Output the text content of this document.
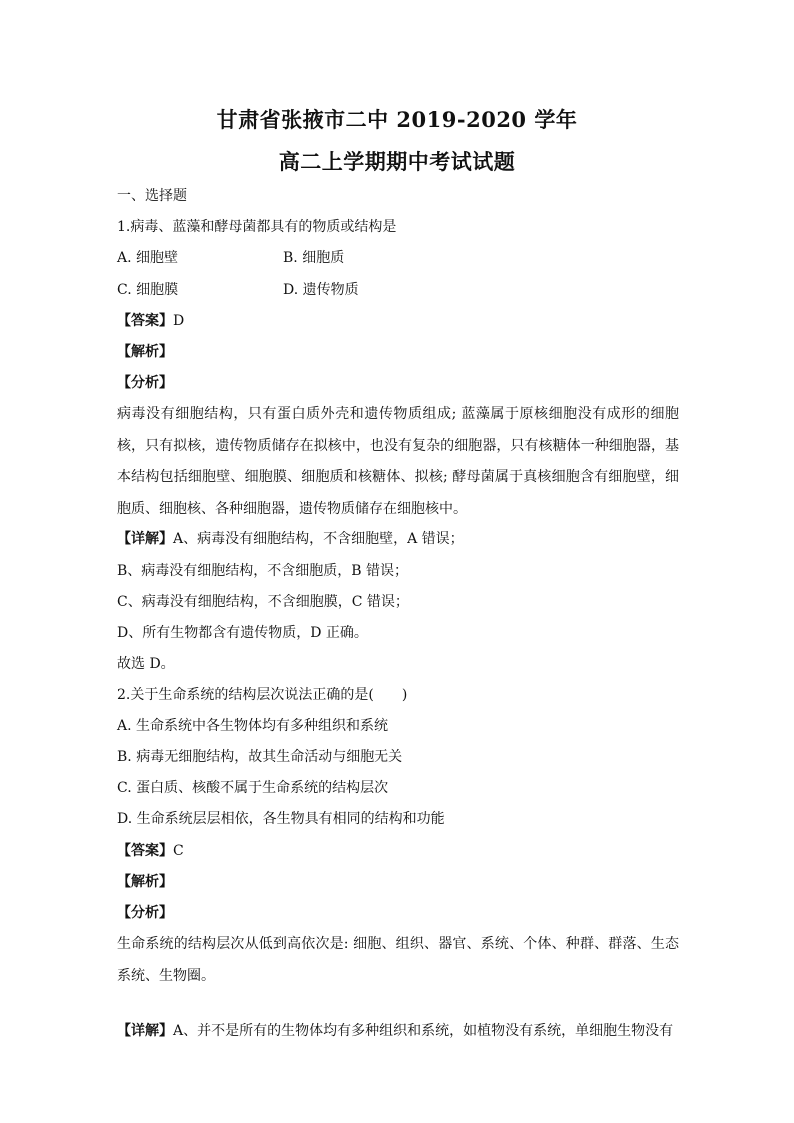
甘肃省张掖市二中 2019-2020 学年
高二上学期期中考试试题
一、选择题
1.病毒、蓝藻和酵母菌都具有的物质或结构是
A. 细胞壁	B. 细胞质
C. 细胞膜	D. 遗传物质
【答案】D
【解析】
【分析】
病毒没有细胞结构，只有蛋白质外壳和遗传物质组成; 蓝藻属于原核细胞没有成形的细胞核，只有拟核，遗传物质储存在拟核中，也没有复杂的细胞器，只有核糖体一种细胞器，基本结构包括细胞壁、细胞膜、细胞质和核糖体、拟核; 酵母菌属于真核细胞含有细胞壁，细胞质、细胞核、各种细胞器，遗传物质储存在细胞核中。
【详解】A、病毒没有细胞结构，不含细胞壁，A 错误；
B、病毒没有细胞结构，不含细胞质，B 错误；
C、病毒没有细胞结构，不含细胞膜，C 错误；
D、所有生物都含有遗传物质，D 正确。
故选 D。
2.关于生命系统的结构层次说法正确的是(　　)
A. 生命系统中各生物体均有多种组织和系统
B. 病毒无细胞结构，故其生命活动与细胞无关
C. 蛋白质、核酸不属于生命系统的结构层次
D. 生命系统层层相依，各生物具有相同的结构和功能
【答案】C
【解析】
【分析】
生命系统的结构层次从低到高依次是: 细胞、组织、器官、系统、个体、种群、群落、生态系统、生物圈。
【详解】A、并不是所有的生物体均有多种组织和系统，如植物没有系统，单细胞生物没有
